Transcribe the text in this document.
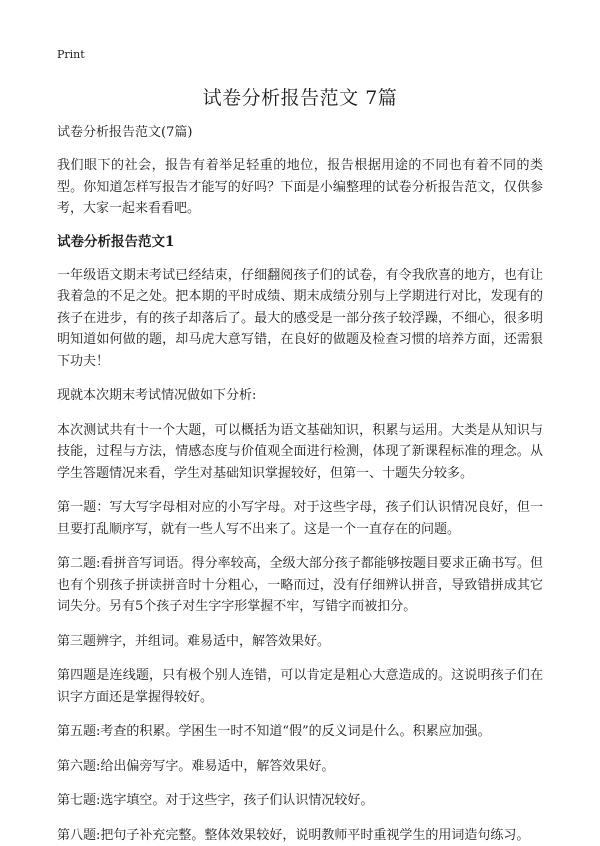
Print

试卷分析报告范文 7篇

试卷分析报告范文(7篇)

我们眼下的社会，报告有着举足轻重的地位，报告根据用途的不同也有着不同的类型。你知道怎样写报告才能写的好吗？下面是小编整理的试卷分析报告范文，仅供参考，大家一起来看看吧。

试卷分析报告范文1

一年级语文期末考试已经结束，仔细翻阅孩子们的试卷，有令我欣喜的地方，也有让我着急的不足之处。把本期的平时成绩、期末成绩分别与上学期进行对比，发现有的孩子在进步，有的孩子却落后了。最大的感受是一部分孩子较浮躁，不细心，很多明明知道如何做的题，却马虎大意写错，在良好的做题及检查习惯的培养方面，还需狠下功夫！

现就本次期末考试情况做如下分析:

本次测试共有十一个大题，可以概括为语文基础知识，积累与运用。大类是从知识与技能，过程与方法，情感态度与价值观全面进行检测，体现了新课程标准的理念。从学生答题情况来看，学生对基础知识掌握较好，但第一、十题失分较多。

第一题：写大写字母相对应的小写字母。对于这些字母，孩子们认识情况良好，但一旦要打乱顺序写，就有一些人写不出来了。这是一个一直存在的问题。

第二题:看拼音写词语。得分率较高，全级大部分孩子都能够按题目要求正确书写。但也有个别孩子拼读拼音时十分粗心，一略而过，没有仔细辨认拼音，导致错拼成其它词失分。另有5个孩子对生字字形掌握不牢，写错字而被扣分。

第三题辨字，并组词。难易适中，解答效果好。

第四题是连线题，只有极个别人连错，可以肯定是粗心大意造成的。这说明孩子们在识字方面还是掌握得较好。

第五题:考查的积累。学困生一时不知道“假”的反义词是什么。积累应加强。

第六题:给出偏旁写字。难易适中，解答效果好。

第七题:选字填空。对于这些字，孩子们认识情况较好。

第八题:把句子补充完整。整体效果较好，说明教师平时重视学生的用词造句练习。
